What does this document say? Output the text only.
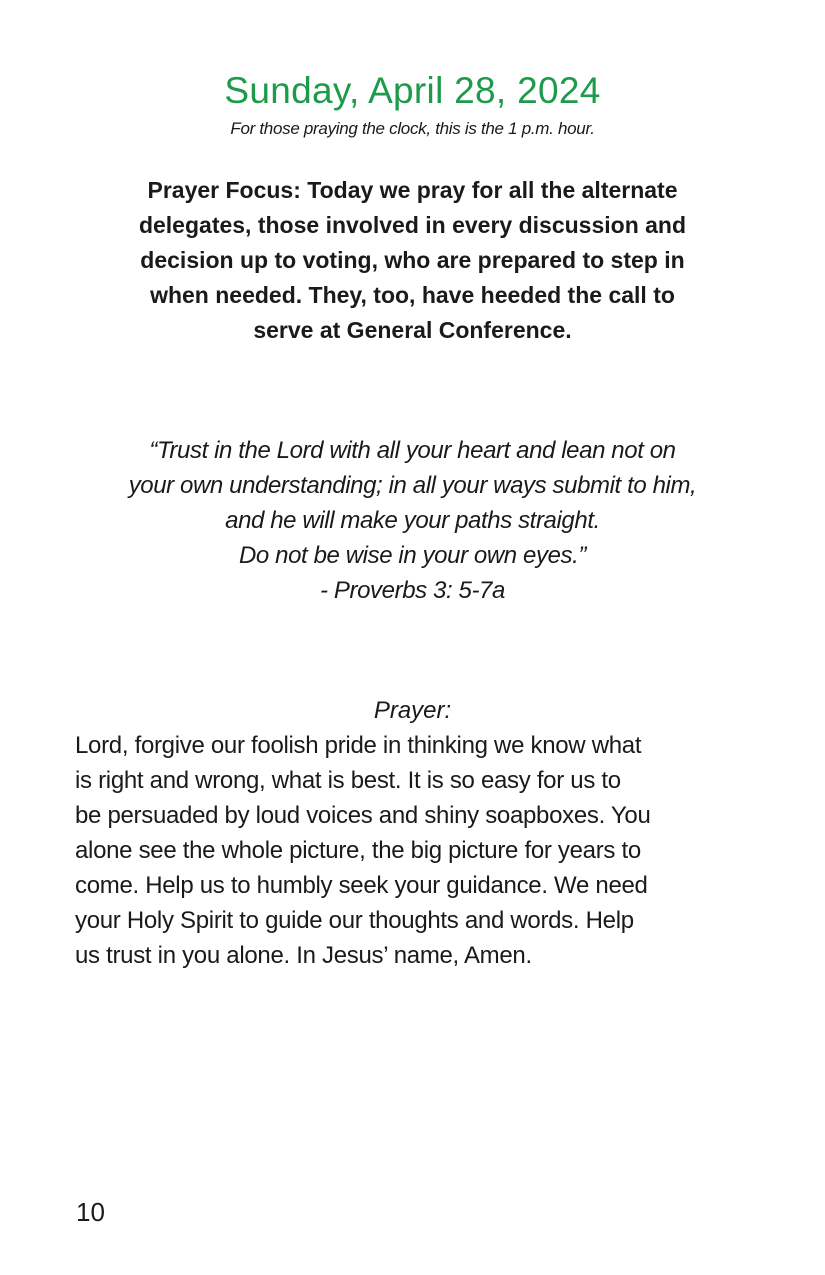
Sunday, April 28, 2024
For those praying the clock, this is the 1 p.m. hour.
Prayer Focus: Today we pray for all the alternate
delegates, those involved in every discussion and
decision up to voting, who are prepared to step in
when needed. They, too, have heeded the call to
serve at General Conference.
“Trust in the Lord with all your heart and lean not on
your own understanding; in all your ways submit to him,
and he will make your paths straight.
Do not be wise in your own eyes.”
- Proverbs 3: 5-7a
Prayer:
Lord, forgive our foolish pride in thinking we know what
is right and wrong, what is best. It is so easy for us to
be persuaded by loud voices and shiny soapboxes. You
alone see the whole picture, the big picture for years to
come. Help us to humbly seek your guidance. We need
your Holy Spirit to guide our thoughts and words. Help
us trust in you alone. In Jesus’ name, Amen.
10
